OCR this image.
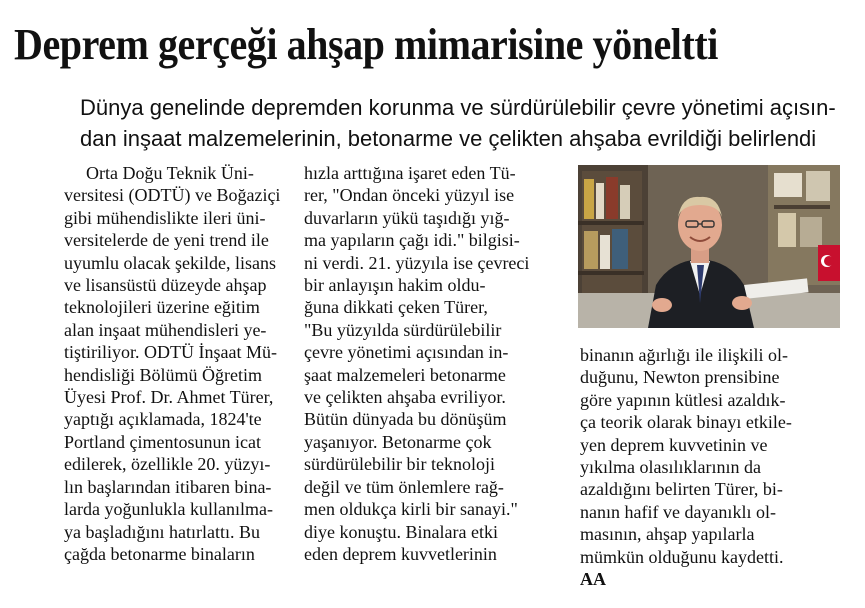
Deprem gerçeği ahşap mimarisine yöneltti
Dünya genelinde depremden korunma ve sürdürülebilir çevre yönetimi açısın-
dan inşaat malzemelerinin, betonarme ve çelikten ahşaba evrildiği belirlendi
Orta Doğu Teknik Üni-
versitesi (ODTÜ) ve Boğaziçi
gibi mühendislikte ileri üni-
versitelerde de yeni trend ile
uyumlu olacak şekilde, lisans
ve lisansüstü düzeyde ahşap
teknolojileri üzerine eğitim
alan inşaat mühendisleri ye-
tiştiriliyor. ODTÜ İnşaat Mü-
hendisliği Bölümü Öğretim
Üyesi Prof. Dr. Ahmet Türer,
yaptığı açıklamada, 1824'te
Portland çimentosunun icat
edilerek, özellikle 20. yüzyı-
lın başlarından itibaren bina-
larda yoğunlukla kullanılma-
ya başladığını hatırlattı. Bu
çağda betonarme binaların
hızla arttığına işaret eden Tü-
rer, "Ondan önceki yüzyıl ise
duvarların yükü taşıdığı yığ-
ma yapıların çağı idi." bilgisi-
ni verdi. 21. yüzyıla ise çevreci
bir anlayışın hakim oldu-
ğuna dikkati çeken Türer,
"Bu yüzyılda sürdürülebilir
çevre yönetimi açısından in-
şaat malzemeleri betonarme
ve çelikten ahşaba evriliyor.
Bütün dünyada bu dönüşüm
yaşanıyor. Betonarme çok
sürdürülebilir bir teknoloji
değil ve tüm önlemlere rağ-
men oldukça kirli bir sanayi."
diye konuştu. Binalara etki
eden deprem kuvvetlerinin
binanın ağırlığı ile ilişkili ol-
duğunu, Newton prensibine
göre yapının kütlesi azaldık-
ça teorik olarak binayı etkile-
yen deprem kuvvetinin ve
yıkılma olasılıklarının da
azaldığını belirten Türer, bi-
nanın hafif ve dayanıklı ol-
masının, ahşap yapılarla
mümkün olduğunu kaydetti.
AA
